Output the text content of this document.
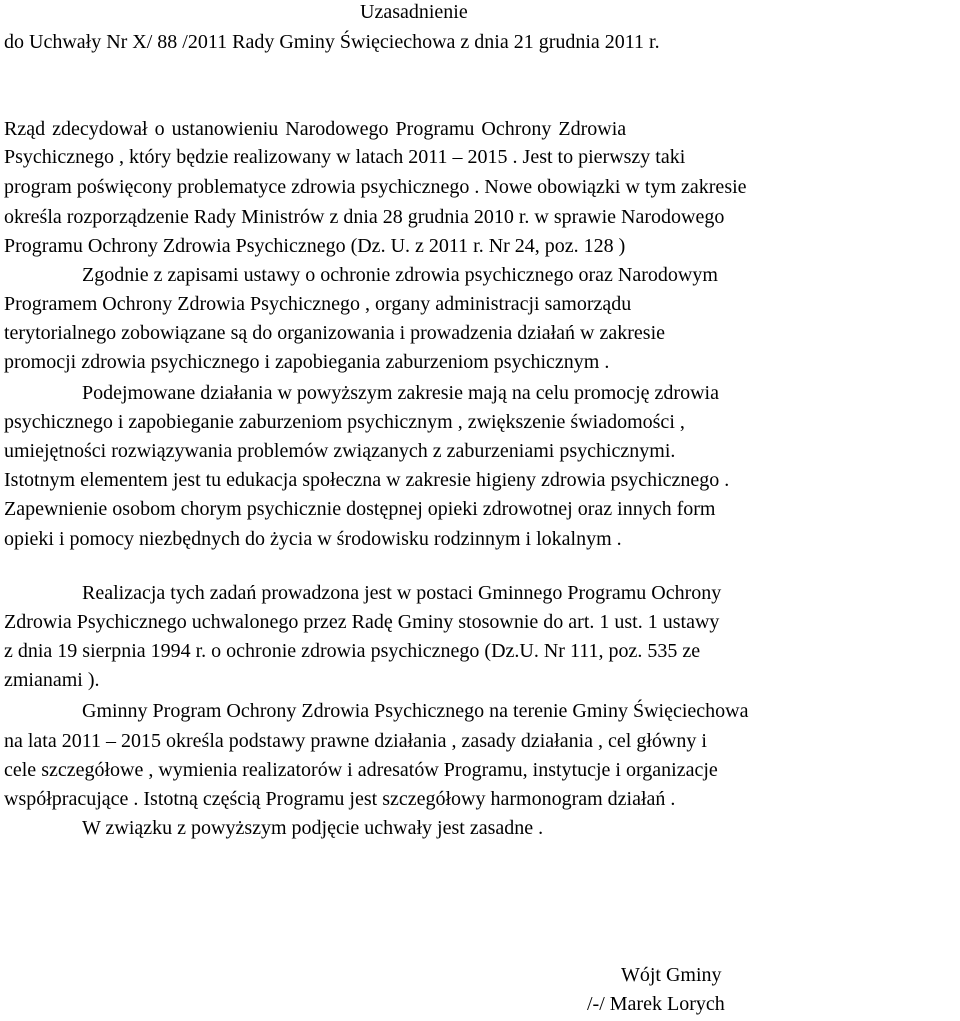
Uzasadnienie
do Uchwały Nr X/ 88 /2011 Rady Gminy Święciechowa z dnia 21 grudnia 2011 r.
Rząd zdecydował o ustanowieniu Narodowego Programu Ochrony Zdrowia
Psychicznego , który będzie realizowany w latach 2011 – 2015 . Jest to pierwszy taki
program poświęcony problematyce zdrowia psychicznego . Nowe obowiązki w tym zakresie
określa rozporządzenie Rady Ministrów z dnia 28 grudnia 2010 r. w sprawie Narodowego
Programu Ochrony Zdrowia Psychicznego (Dz. U. z 2011 r. Nr 24, poz. 128 )
Zgodnie z zapisami ustawy o ochronie zdrowia psychicznego oraz Narodowym
Programem Ochrony Zdrowia Psychicznego , organy administracji samorządu
terytorialnego zobowiązane są do organizowania i prowadzenia działań w zakresie
promocji zdrowia psychicznego i zapobiegania zaburzeniom psychicznym .
Podejmowane działania w powyższym zakresie mają na celu promocję zdrowia
psychicznego i zapobieganie zaburzeniom psychicznym , zwiększenie świadomości ,
umiejętności rozwiązywania problemów związanych z zaburzeniami psychicznymi.
Istotnym elementem jest tu edukacja społeczna w zakresie higieny zdrowia psychicznego .
Zapewnienie osobom chorym psychicznie dostępnej opieki zdrowotnej oraz innych form
opieki i pomocy niezbędnych do życia w środowisku rodzinnym i lokalnym .
Realizacja tych zadań prowadzona jest w postaci Gminnego Programu Ochrony
Zdrowia Psychicznego uchwalonego przez Radę Gminy stosownie do art. 1 ust. 1 ustawy
z dnia 19 sierpnia 1994 r. o ochronie zdrowia psychicznego (Dz.U. Nr 111, poz. 535 ze
zmianami ).
Gminny Program Ochrony Zdrowia Psychicznego na terenie Gminy Święciechowa
na lata 2011 – 2015 określa podstawy prawne działania , zasady działania , cel główny i
cele szczegółowe , wymienia realizatorów i adresatów Programu, instytucje i organizacje
współpracujące . Istotną częścią Programu jest szczegółowy harmonogram działań .
W związku z powyższym podjęcie uchwały jest zasadne .
Wójt Gminy
/-/ Marek Lorych
